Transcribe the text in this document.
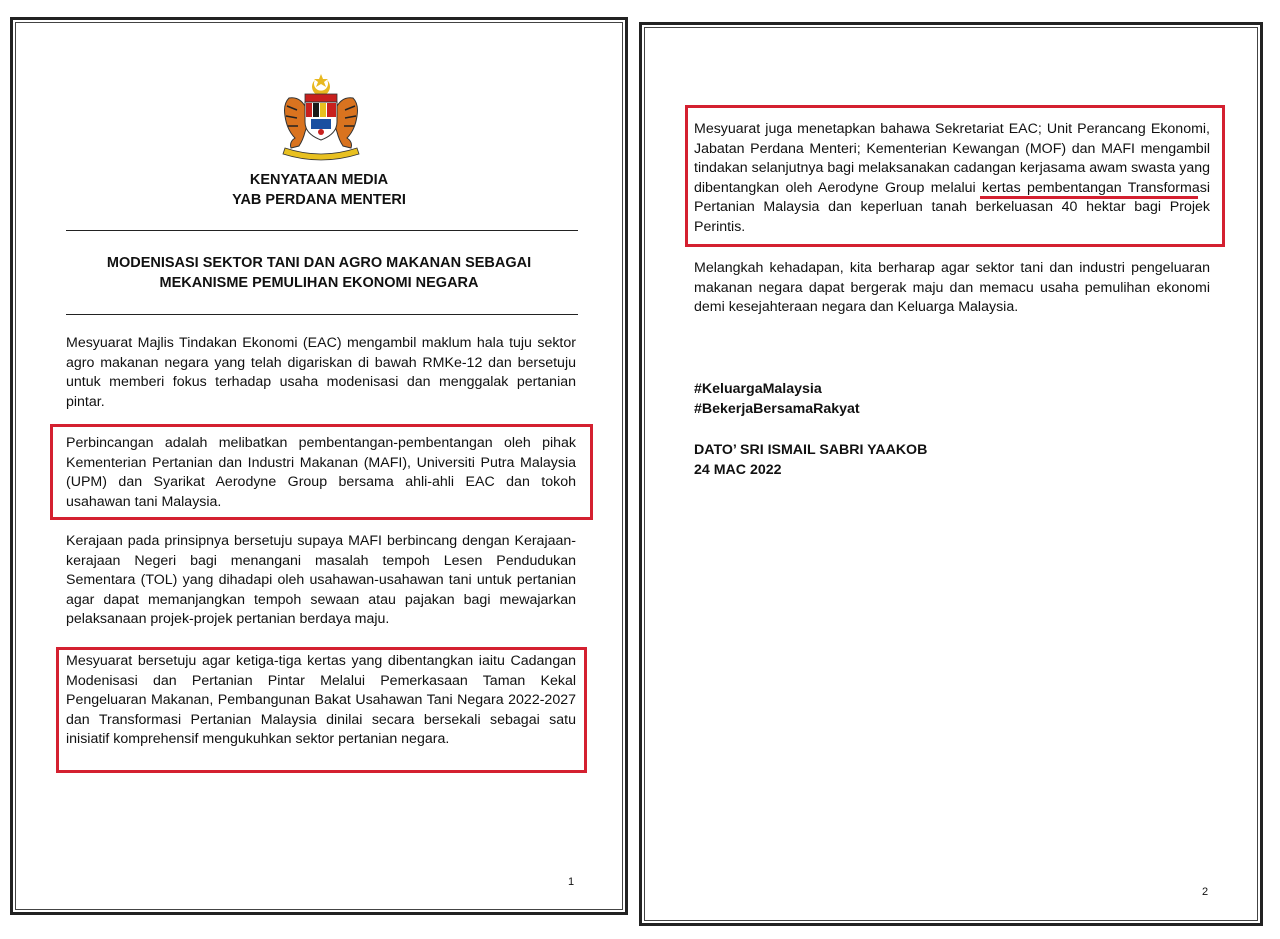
KENYATAAN MEDIA
YAB PERDANA MENTERI
MODENISASI SEKTOR TANI DAN AGRO MAKANAN SEBAGAI
MEKANISME PEMULIHAN EKONOMI NEGARA

Mesyuarat Majlis Tindakan Ekonomi (EAC) mengambil maklum hala tuju sektor agro makanan negara yang telah digariskan di bawah RMKe-12 dan bersetuju untuk memberi fokus terhadap usaha modenisasi dan menggalak pertanian pintar.

Perbincangan adalah melibatkan pembentangan-pembentangan oleh pihak Kementerian Pertanian dan Industri Makanan (MAFI), Universiti Putra Malaysia (UPM) dan Syarikat Aerodyne Group bersama ahli-ahli EAC dan tokoh usahawan tani Malaysia.

Kerajaan pada prinsipnya bersetuju supaya MAFI berbincang dengan Kerajaan-kerajaan Negeri bagi menangani masalah tempoh Lesen Pendudukan Sementara (TOL) yang dihadapi oleh usahawan-usahawan tani untuk pertanian agar dapat memanjangkan tempoh sewaan atau pajakan bagi mewajarkan pelaksanaan projek-projek pertanian berdaya maju.

Mesyuarat bersetuju agar ketiga-tiga kertas yang dibentangkan iaitu Cadangan Modenisasi dan Pertanian Pintar Melalui Pemerkasaan Taman Kekal Pengeluaran Makanan, Pembangunan Bakat Usahawan Tani Negara 2022-2027 dan Transformasi Pertanian Malaysia dinilai secara bersekali sebagai satu inisiatif komprehensif mengukuhkan sektor pertanian negara.

1

Mesyuarat juga menetapkan bahawa Sekretariat EAC; Unit Perancang Ekonomi, Jabatan Perdana Menteri; Kementerian Kewangan (MOF) dan MAFI mengambil tindakan selanjutnya bagi melaksanakan cadangan kerjasama awam swasta yang dibentangkan oleh Aerodyne Group melalui kertas pembentangan Transformasi Pertanian Malaysia dan keperluan tanah berkeluasan 40 hektar bagi Projek Perintis.

Melangkah kehadapan, kita berharap agar sektor tani dan industri pengeluaran makanan negara dapat bergerak maju dan memacu usaha pemulihan ekonomi demi kesejahteraan negara dan Keluarga Malaysia.

#KeluargaMalaysia
#BekerjaBersamaRakyat
DATO’ SRI ISMAIL SABRI YAAKOB
24 MAC 2022
2
